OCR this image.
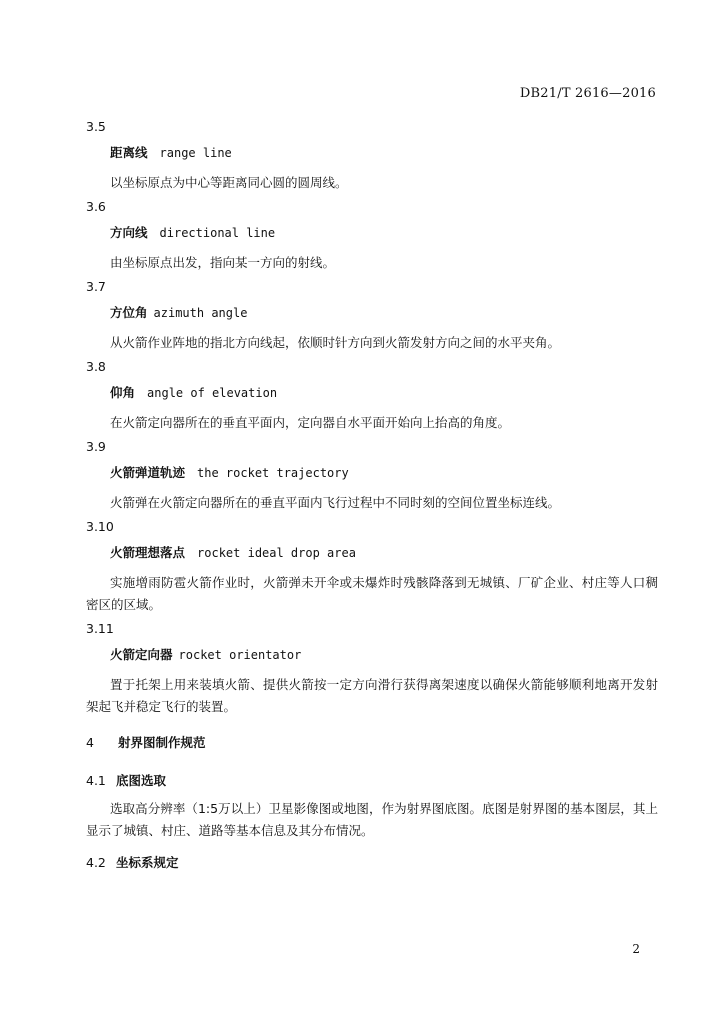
DB21/T 2616—2016
3.5
距离线 range line

以坐标原点为中心等距离同心圆的圆周线。

3.6
方向线 directional line

由坐标原点出发，指向某一方向的射线。

3.7
方位角 azimuth angle

从火箭作业阵地的指北方向线起，依顺时针方向到火箭发射方向之间的水平夹角。

3.8
仰角 angle of elevation

在火箭定向器所在的垂直平面内，定向器自水平面开始向上抬高的角度。

3.9
火箭弹道轨迹 the rocket trajectory

火箭弹在火箭定向器所在的垂直平面内飞行过程中不同时刻的空间位置坐标连线。

3.10
火箭理想落点 rocket ideal drop area

实施增雨防雹火箭作业时，火箭弹未开伞或未爆炸时残骸降落到无城镇、厂矿企业、村庄等人口稠密区的区域。

3.11
火箭定向器 rocket orientator

置于托架上用来装填火箭、提供火箭按一定方向滑行获得离架速度以确保火箭能够顺利地离开发射架起飞并稳定飞行的装置。

4 射界图制作规范
4.1 底图选取

选取高分辨率（1:5万以上）卫星影像图或地图，作为射界图底图。底图是射界图的基本图层，其上显示了城镇、村庄、道路等基本信息及其分布情况。

4.2 坐标系规定
2
